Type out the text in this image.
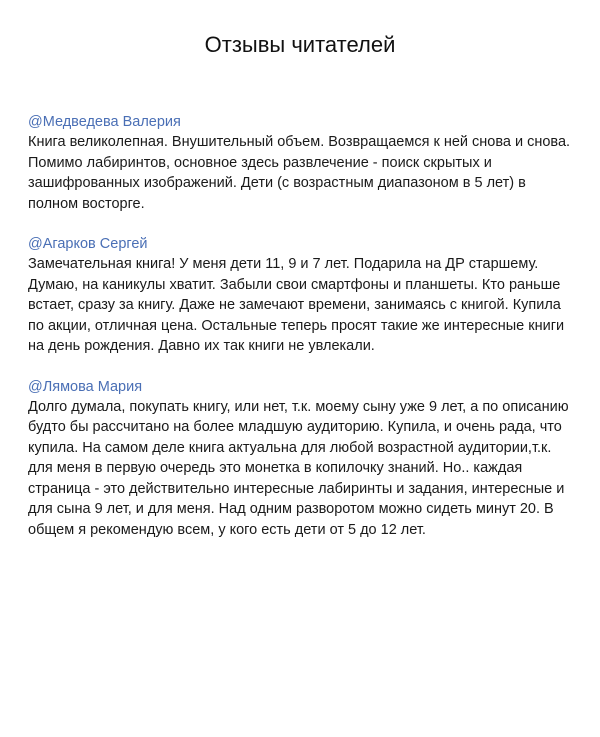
Отзывы читателей
@Медведева Валерия

Книга великолепная. Внушительный объем. Возвращаемся к ней снова и снова. Помимо лабиринтов, основное здесь развлечение - поиск скрытых и зашифрованных изображений. Дети (с возрастным диапазоном в 5 лет) в полном восторге.

@Агарков Сергей

Замечательная книга! У меня дети 11, 9 и 7 лет. Подарила на ДР старшему. Думаю, на каникулы хватит. Забыли свои смартфоны и планшеты. Кто раньше встает, сразу за книгу. Даже не замечают времени, занимаясь с книгой. Купила по акции, отличная цена. Остальные теперь просят такие же интересные книги на день рождения. Давно их так книги не увлекали.

@Лямова Мария

Долго думала, покупать книгу, или нет, т.к. моему сыну уже 9 лет, а по описанию будто бы рассчитано на более младшую аудиторию. Купила, и очень рада, что купила. На самом деле книга актуальна для любой возрастной аудитории,т.к. для меня в первую очередь это монетка в копилочку знаний. Но.. каждая страница - это действительно интересные лабиринты и задания, интересные и для сына 9 лет, и для меня. Над одним разворотом можно сидеть минут 20. В общем я рекомендую всем, у кого есть дети от 5 до 12 лет.
